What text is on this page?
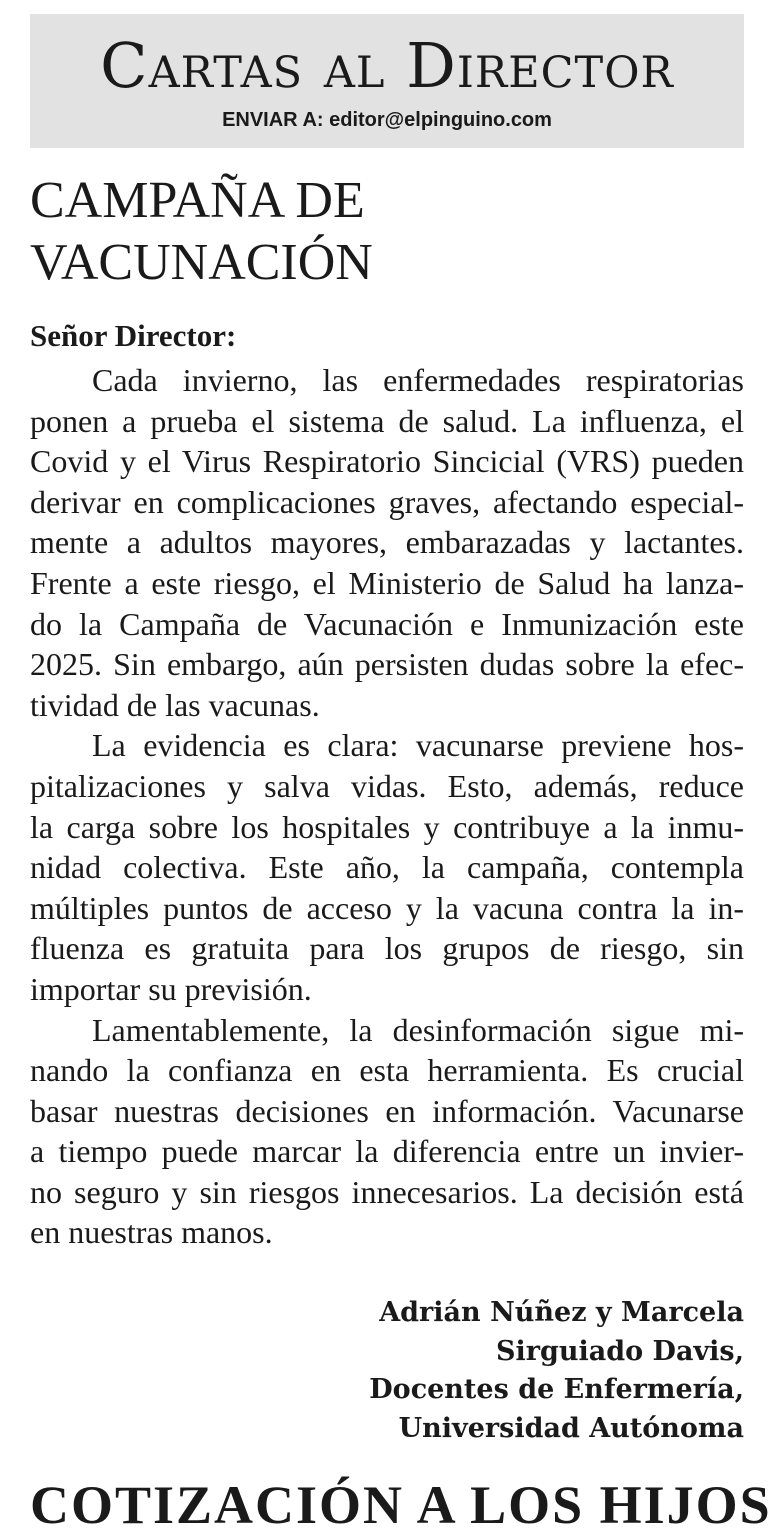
Cartas al Director
ENVIAR A: editor@elpinguino.com
CAMPAÑA DE
VACUNACIÓN
Señor Director:
Cada invierno, las enfermedades respiratorias
ponen a prueba el sistema de salud. La influenza, el
Covid y el Virus Respiratorio Sincicial (VRS) pueden
derivar en complicaciones graves, afectando especial-
mente a adultos mayores, embarazadas y lactantes.
Frente a este riesgo, el Ministerio de Salud ha lanza-
do la Campaña de Vacunación e Inmunización este
2025. Sin embargo, aún persisten dudas sobre la efec-
tividad de las vacunas.
La evidencia es clara: vacunarse previene hos-
pitalizaciones y salva vidas. Esto, además, reduce
la carga sobre los hospitales y contribuye a la inmu-
nidad colectiva. Este año, la campaña, contempla
múltiples puntos de acceso y la vacuna contra la in-
fluenza es gratuita para los grupos de riesgo, sin
importar su previsión.
Lamentablemente, la desinformación sigue mi-
nando la confianza en esta herramienta. Es crucial
basar nuestras decisiones en información. Vacunarse
a tiempo puede marcar la diferencia entre un invier-
no seguro y sin riesgos innecesarios. La decisión está
en nuestras manos.
Adrián Núñez y Marcela
Sirguiado Davis,
Docentes de Enfermería,
Universidad Autónoma
COTIZACIÓN A LOS HIJOS
